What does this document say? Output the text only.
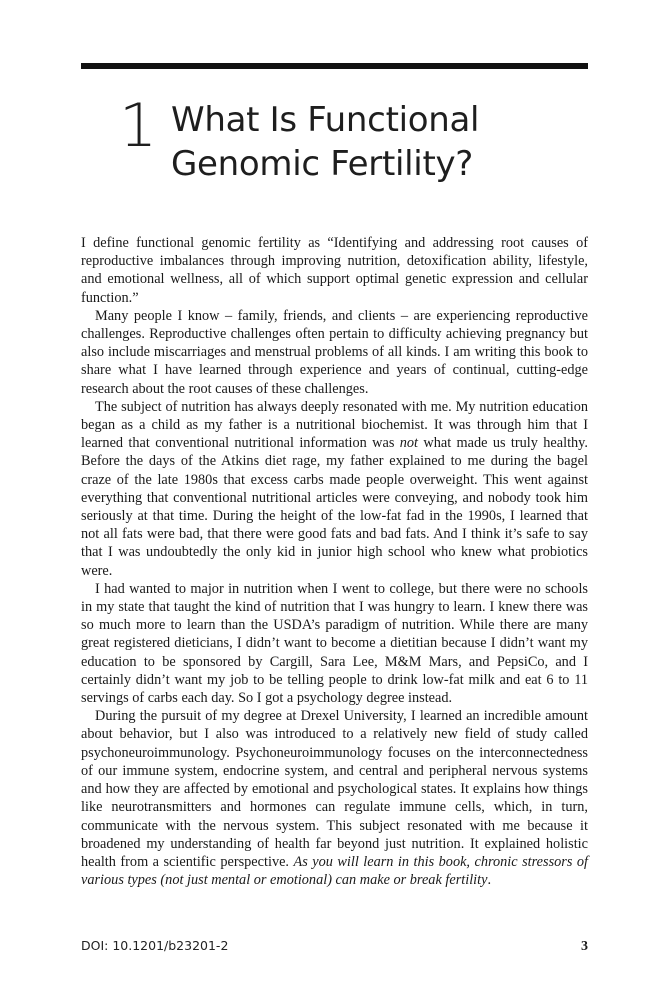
1 What Is Functional
Genomic Fertility?

I define functional genomic fertility as “Identifying and addressing root causes of reproductive imbalances through improving nutrition, detoxification ability, lifestyle, and emotional wellness, all of which support optimal genetic expression and cellular function.”

Many people I know – family, friends, and clients – are experiencing reproductive challenges. Reproductive challenges often pertain to difficulty achieving pregnancy but also include miscarriages and menstrual problems of all kinds. I am writing this book to share what I have learned through experience and years of continual, cutting-edge research about the root causes of these challenges.

The subject of nutrition has always deeply resonated with me. My nutrition education began as a child as my father is a nutritional biochemist. It was through him that I learned that conventional nutritional information was not what made us truly healthy. Before the days of the Atkins diet rage, my father explained to me during the bagel craze of the late 1980s that excess carbs made people overweight. This went against everything that conventional nutritional articles were conveying, and nobody took him seriously at that time. During the height of the low-fat fad in the 1990s, I learned that not all fats were bad, that there were good fats and bad fats. And I think it’s safe to say that I was undoubtedly the only kid in junior high school who knew what probiotics were.

I had wanted to major in nutrition when I went to college, but there were no schools in my state that taught the kind of nutrition that I was hungry to learn. I knew there was so much more to learn than the USDA’s paradigm of nutrition. While there are many great registered dieticians, I didn’t want to become a dietitian because I didn’t want my education to be sponsored by Cargill, Sara Lee, M&M Mars, and PepsiCo, and I certainly didn’t want my job to be telling people to drink low-fat milk and eat 6 to 11 servings of carbs each day. So I got a psychology degree instead.

During the pursuit of my degree at Drexel University, I learned an incredible amount about behavior, but I also was introduced to a relatively new field of study called psychoneuroimmunology. Psychoneuroimmunology focuses on the interconnectedness of our immune system, endocrine system, and central and peripheral nervous systems and how they are affected by emotional and psychological states. It explains how things like neurotransmitters and hormones can regulate immune cells, which, in turn, communicate with the nervous system. This subject resonated with me because it broadened my understanding of health far beyond just nutrition. It explained holistic health from a scientific perspective. As you will learn in this book, chronic stressors of various types (not just mental or emotional) can make or break fertility.

DOI: 10.1201/b23201-2	3
